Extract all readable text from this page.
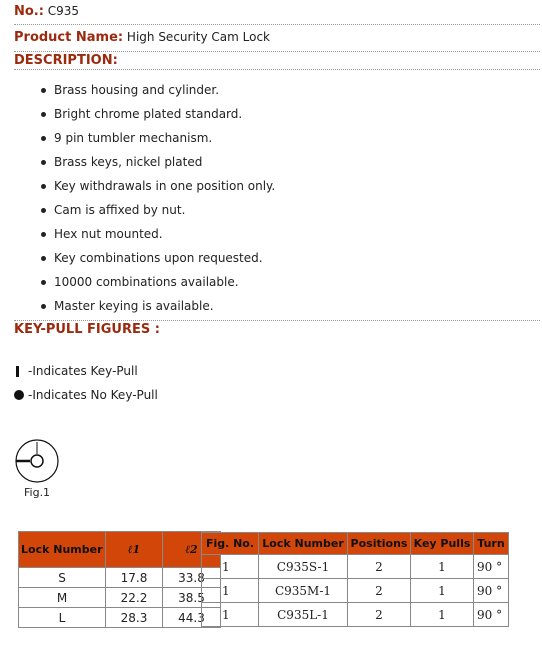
No.: C935
Product Name: High Security Cam Lock
DESCRIPTION:
Brass housing and cylinder.
Bright chrome plated standard.
9 pin tumbler mechanism.
Brass keys, nickel plated
Key withdrawals in one position only.
Cam is affixed by nut.
Hex nut mounted.
Key combinations upon requested.
10000 combinations available.
Master keying is available.
KEY-PULL FIGURES :
-Indicates Key-Pull
-Indicates No Key-Pull
Fig.1
Lock Number	ℓ1	ℓ2
S	17.8	33.8
M	22.2	38.5
L	28.3	44.3
Fig. No.	Lock Number	Positions	Key Pulls	Turn
1	C935S-1	2	1	90 °
1	C935M-1	2	1	90 °
1	C935L-1	2	1	90 °
